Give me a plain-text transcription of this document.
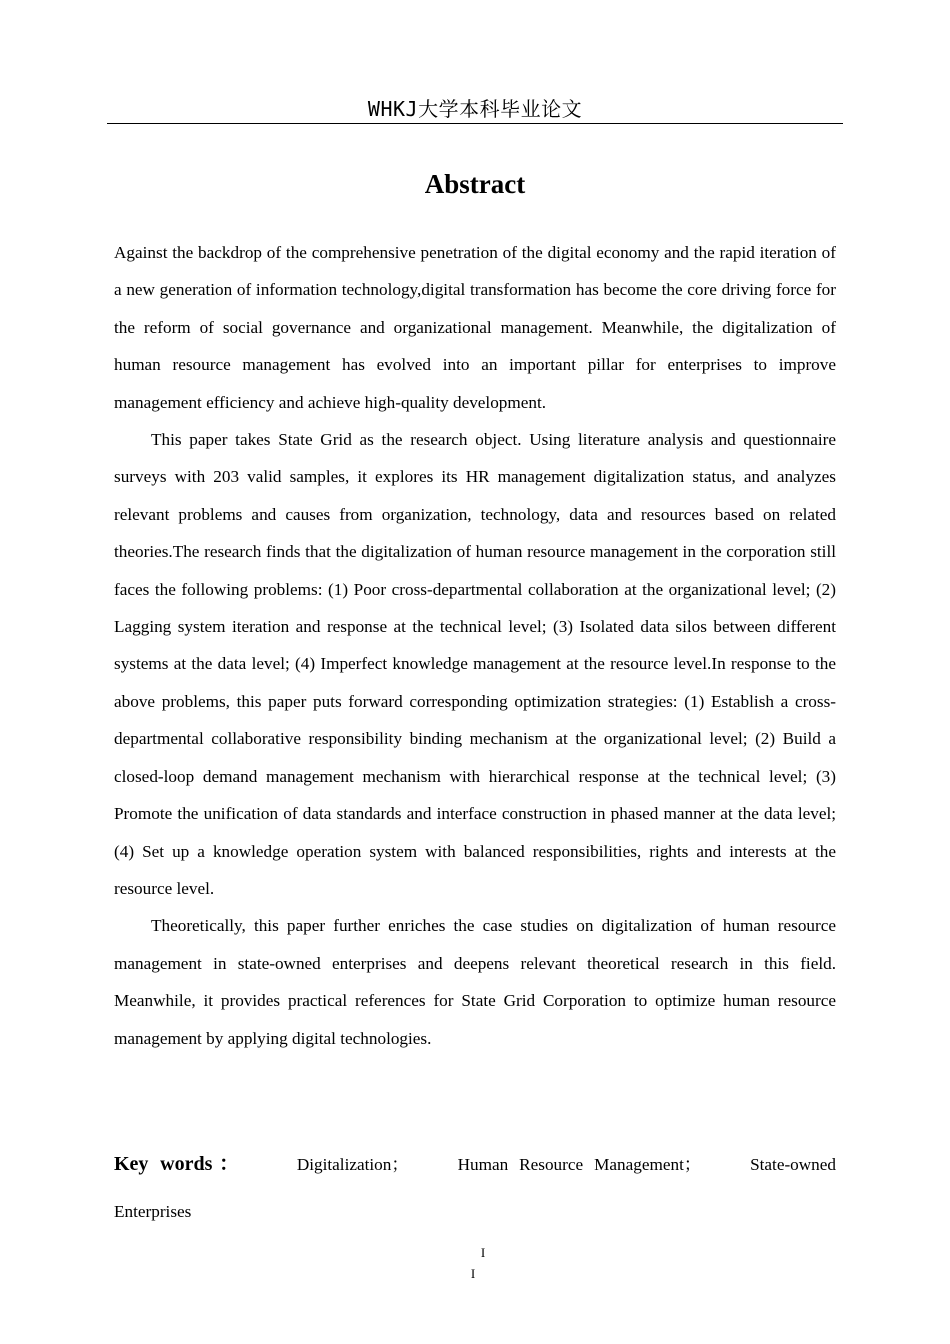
WHKJ大学本科毕业论文
Abstract

Against the backdrop of the comprehensive penetration of the digital economy and the rapid iteration of a new generation of information technology,digital transformation has become the core driving force for the reform of social governance and organizational management. Meanwhile, the digitalization of human resource management has evolved into an important pillar for enterprises to improve management efficiency and achieve high-quality development.

This paper takes State Grid as the research object. Using literature analysis and questionnaire surveys with 203 valid samples, it explores its HR management digitalization status, and analyzes relevant problems and causes from organization, technology, data and resources based on related theories.The research finds that the digitalization of human resource management in the corporation still faces the following problems: (1) Poor cross-departmental collaboration at the organizational level; (2) Lagging system iteration and response at the technical level; (3) Isolated data silos between different systems at the data level; (4) Imperfect knowledge management at the resource level.In response to the above problems, this paper puts forward corresponding optimization strategies: (1) Establish a cross-departmental collaborative responsibility binding mechanism at the organizational level; (2) Build a closed-loop demand management mechanism with hierarchical response at the technical level; (3) Promote the unification of data standards and interface construction in phased manner at the data level; (4) Set up a knowledge operation system with balanced responsibilities, rights and interests at the resource level.

Theoretically, this paper further enriches the case studies on digitalization of human resource management in state-owned enterprises and deepens relevant theoretical research in this field. Meanwhile, it provides practical references for State Grid Corporation to optimize human resource management by applying digital technologies.

Key words：	Digitalization；	Human Resource Management；	State-owned Enterprises
I
I
